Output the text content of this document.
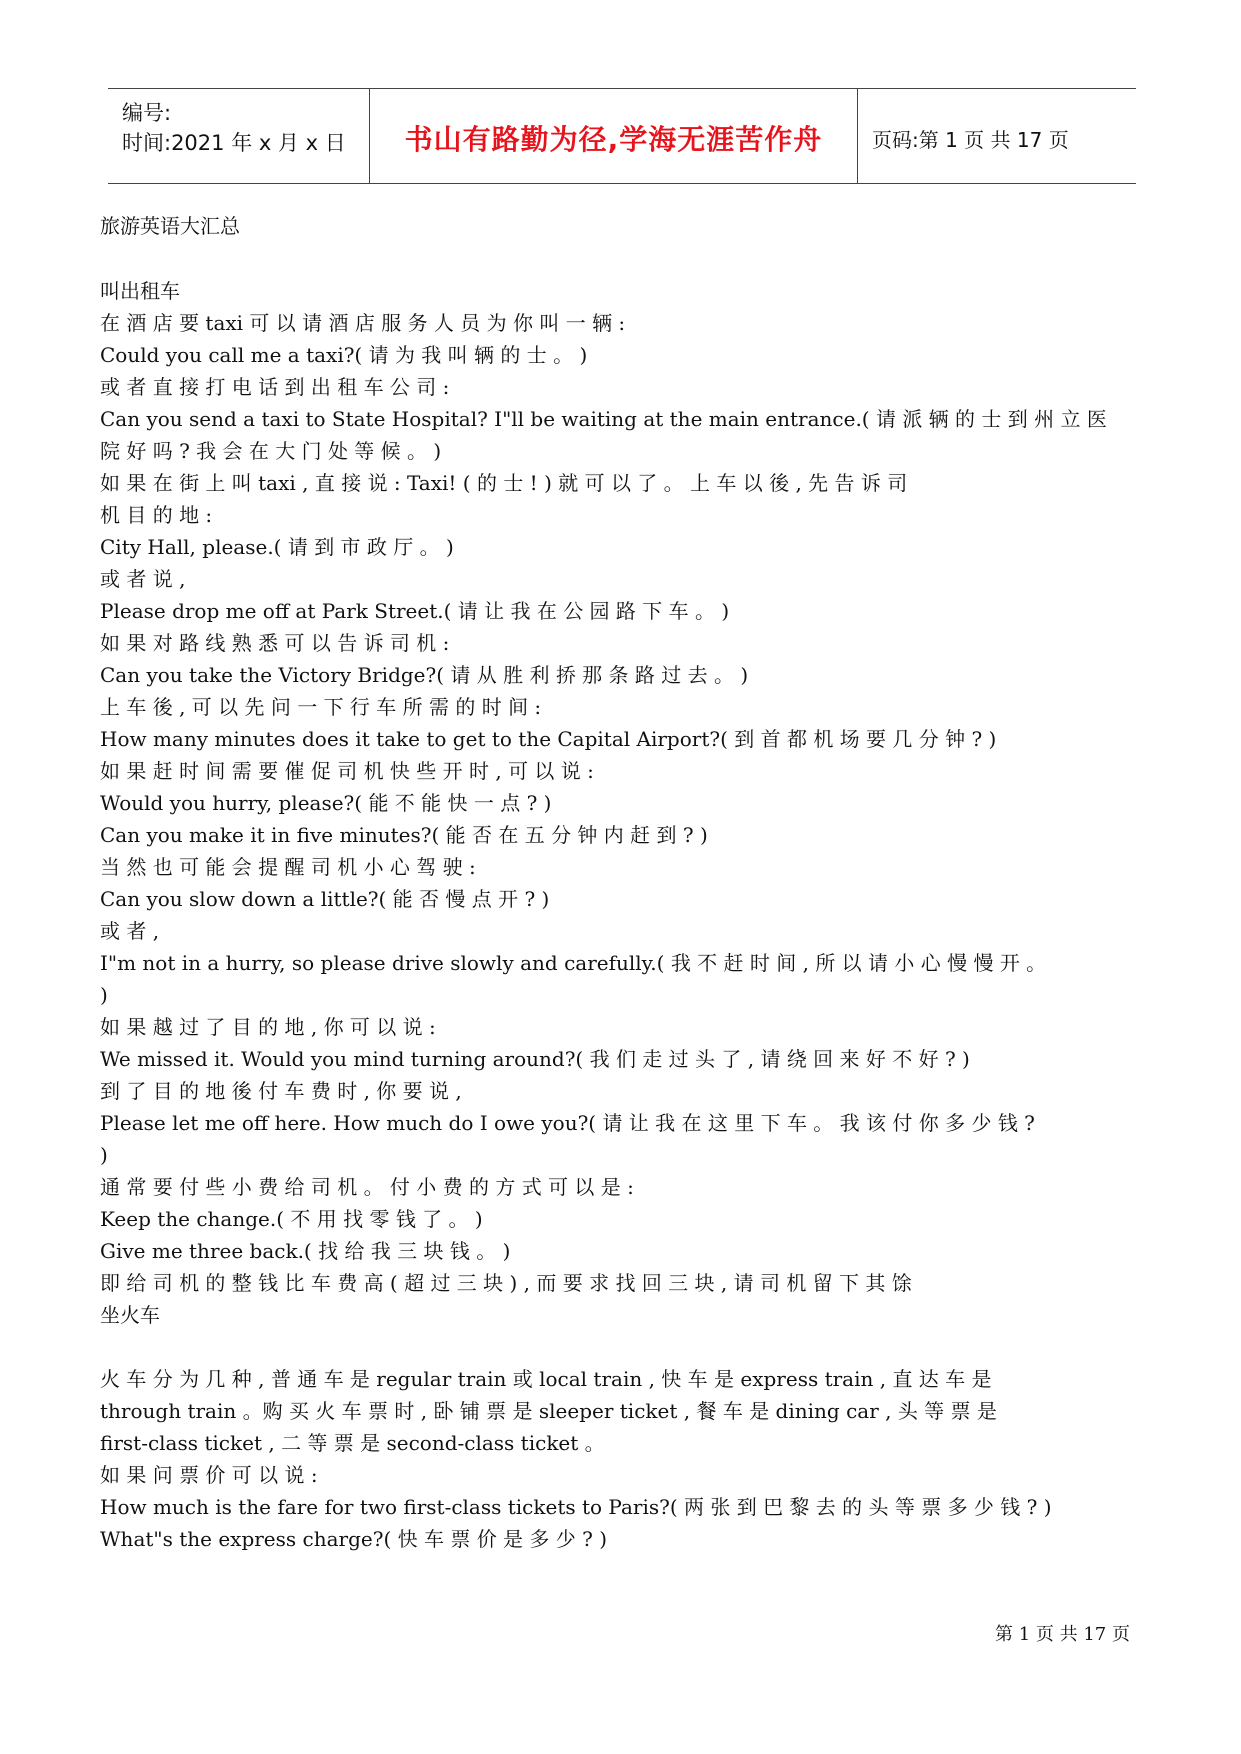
编号:
时间:2021 年 x 月 x 日	书山有路勤为径,学海无涯苦作舟	页码:第 1 页 共 17 页
旅游英语大汇总
叫出租车
在 酒 店 要 taxi 可 以 请 酒 店 服 务 人 员 为 你 叫 一 辆 :
Could you call me a taxi?( 请 为 我 叫 辆 的 士 。 )
或 者 直 接 打 电 话 到 出 租 车 公 司 :
Can you send a taxi to State Hospital? I"ll be waiting at the main entrance.( 请 派 辆 的 士 到 州 立 医
院 好 吗 ? 我 会 在 大 门 处 等 候 。 )
如 果 在 街 上 叫 taxi , 直 接 说 : Taxi! ( 的 士 ! ) 就 可 以 了 。 上 车 以 後 , 先 告 诉 司
机 目 的 地 :
City Hall, please.( 请 到 市 政 厅 。 )
或 者 说 ,
Please drop me off at Park Street.( 请 让 我 在 公 园 路 下 车 。 )
如 果 对 路 线 熟 悉 可 以 告 诉 司 机 :
Can you take the Victory Bridge?( 请 从 胜 利 挢 那 条 路 过 去 。 )
上 车 後 , 可 以 先 问 一 下 行 车 所 需 的 时 间 :
How many minutes does it take to get to the Capital Airport?( 到 首 都 机 场 要 几 分 钟 ? )
如 果 赶 时 间 需 要 催 促 司 机 快 些 开 时 , 可 以 说 :
Would you hurry, please?( 能 不 能 快 一 点 ? )
Can you make it in five minutes?( 能 否 在 五 分 钟 内 赶 到 ? )
当 然 也 可 能 会 提 醒 司 机 小 心 驾 驶 :
Can you slow down a little?( 能 否 慢 点 开 ? )
或 者 ,
I"m not in a hurry, so please drive slowly and carefully.( 我 不 赶 时 间 , 所 以 请 小 心 慢 慢 开 。
)
如 果 越 过 了 目 的 地 , 你 可 以 说 :
We missed it. Would you mind turning around?( 我 们 走 过 头 了 , 请 绕 回 来 好 不 好 ? )
到 了 目 的 地 後 付 车 费 时 , 你 要 说 ,
Please let me off here. How much do I owe you?( 请 让 我 在 这 里 下 车 。 我 该 付 你 多 少 钱 ?
)
通 常 要 付 些 小 费 给 司 机 。 付 小 费 的 方 式 可 以 是 :
Keep the change.( 不 用 找 零 钱 了 。 )
Give me three back.( 找 给 我 三 块 钱 。 )
即 给 司 机 的 整 钱 比 车 费 高 ( 超 过 三 块 ) , 而 要 求 找 回 三 块 , 请 司 机 留 下 其 馀
坐火车
火 车 分 为 几 种 , 普 通 车 是 regular train 或 local train , 快 车 是 express train , 直 达 车 是
through train 。购 买 火 车 票 时 , 卧 铺 票 是 sleeper ticket , 餐 车 是 dining car , 头 等 票 是
first-class ticket , 二 等 票 是 second-class ticket 。
如 果 问 票 价 可 以 说 :
How much is the fare for two first-class tickets to Paris?( 两 张 到 巴 黎 去 的 头 等 票 多 少 钱 ? )
What"s the express charge?( 快 车 票 价 是 多 少 ? )
第 1 页 共 17 页
